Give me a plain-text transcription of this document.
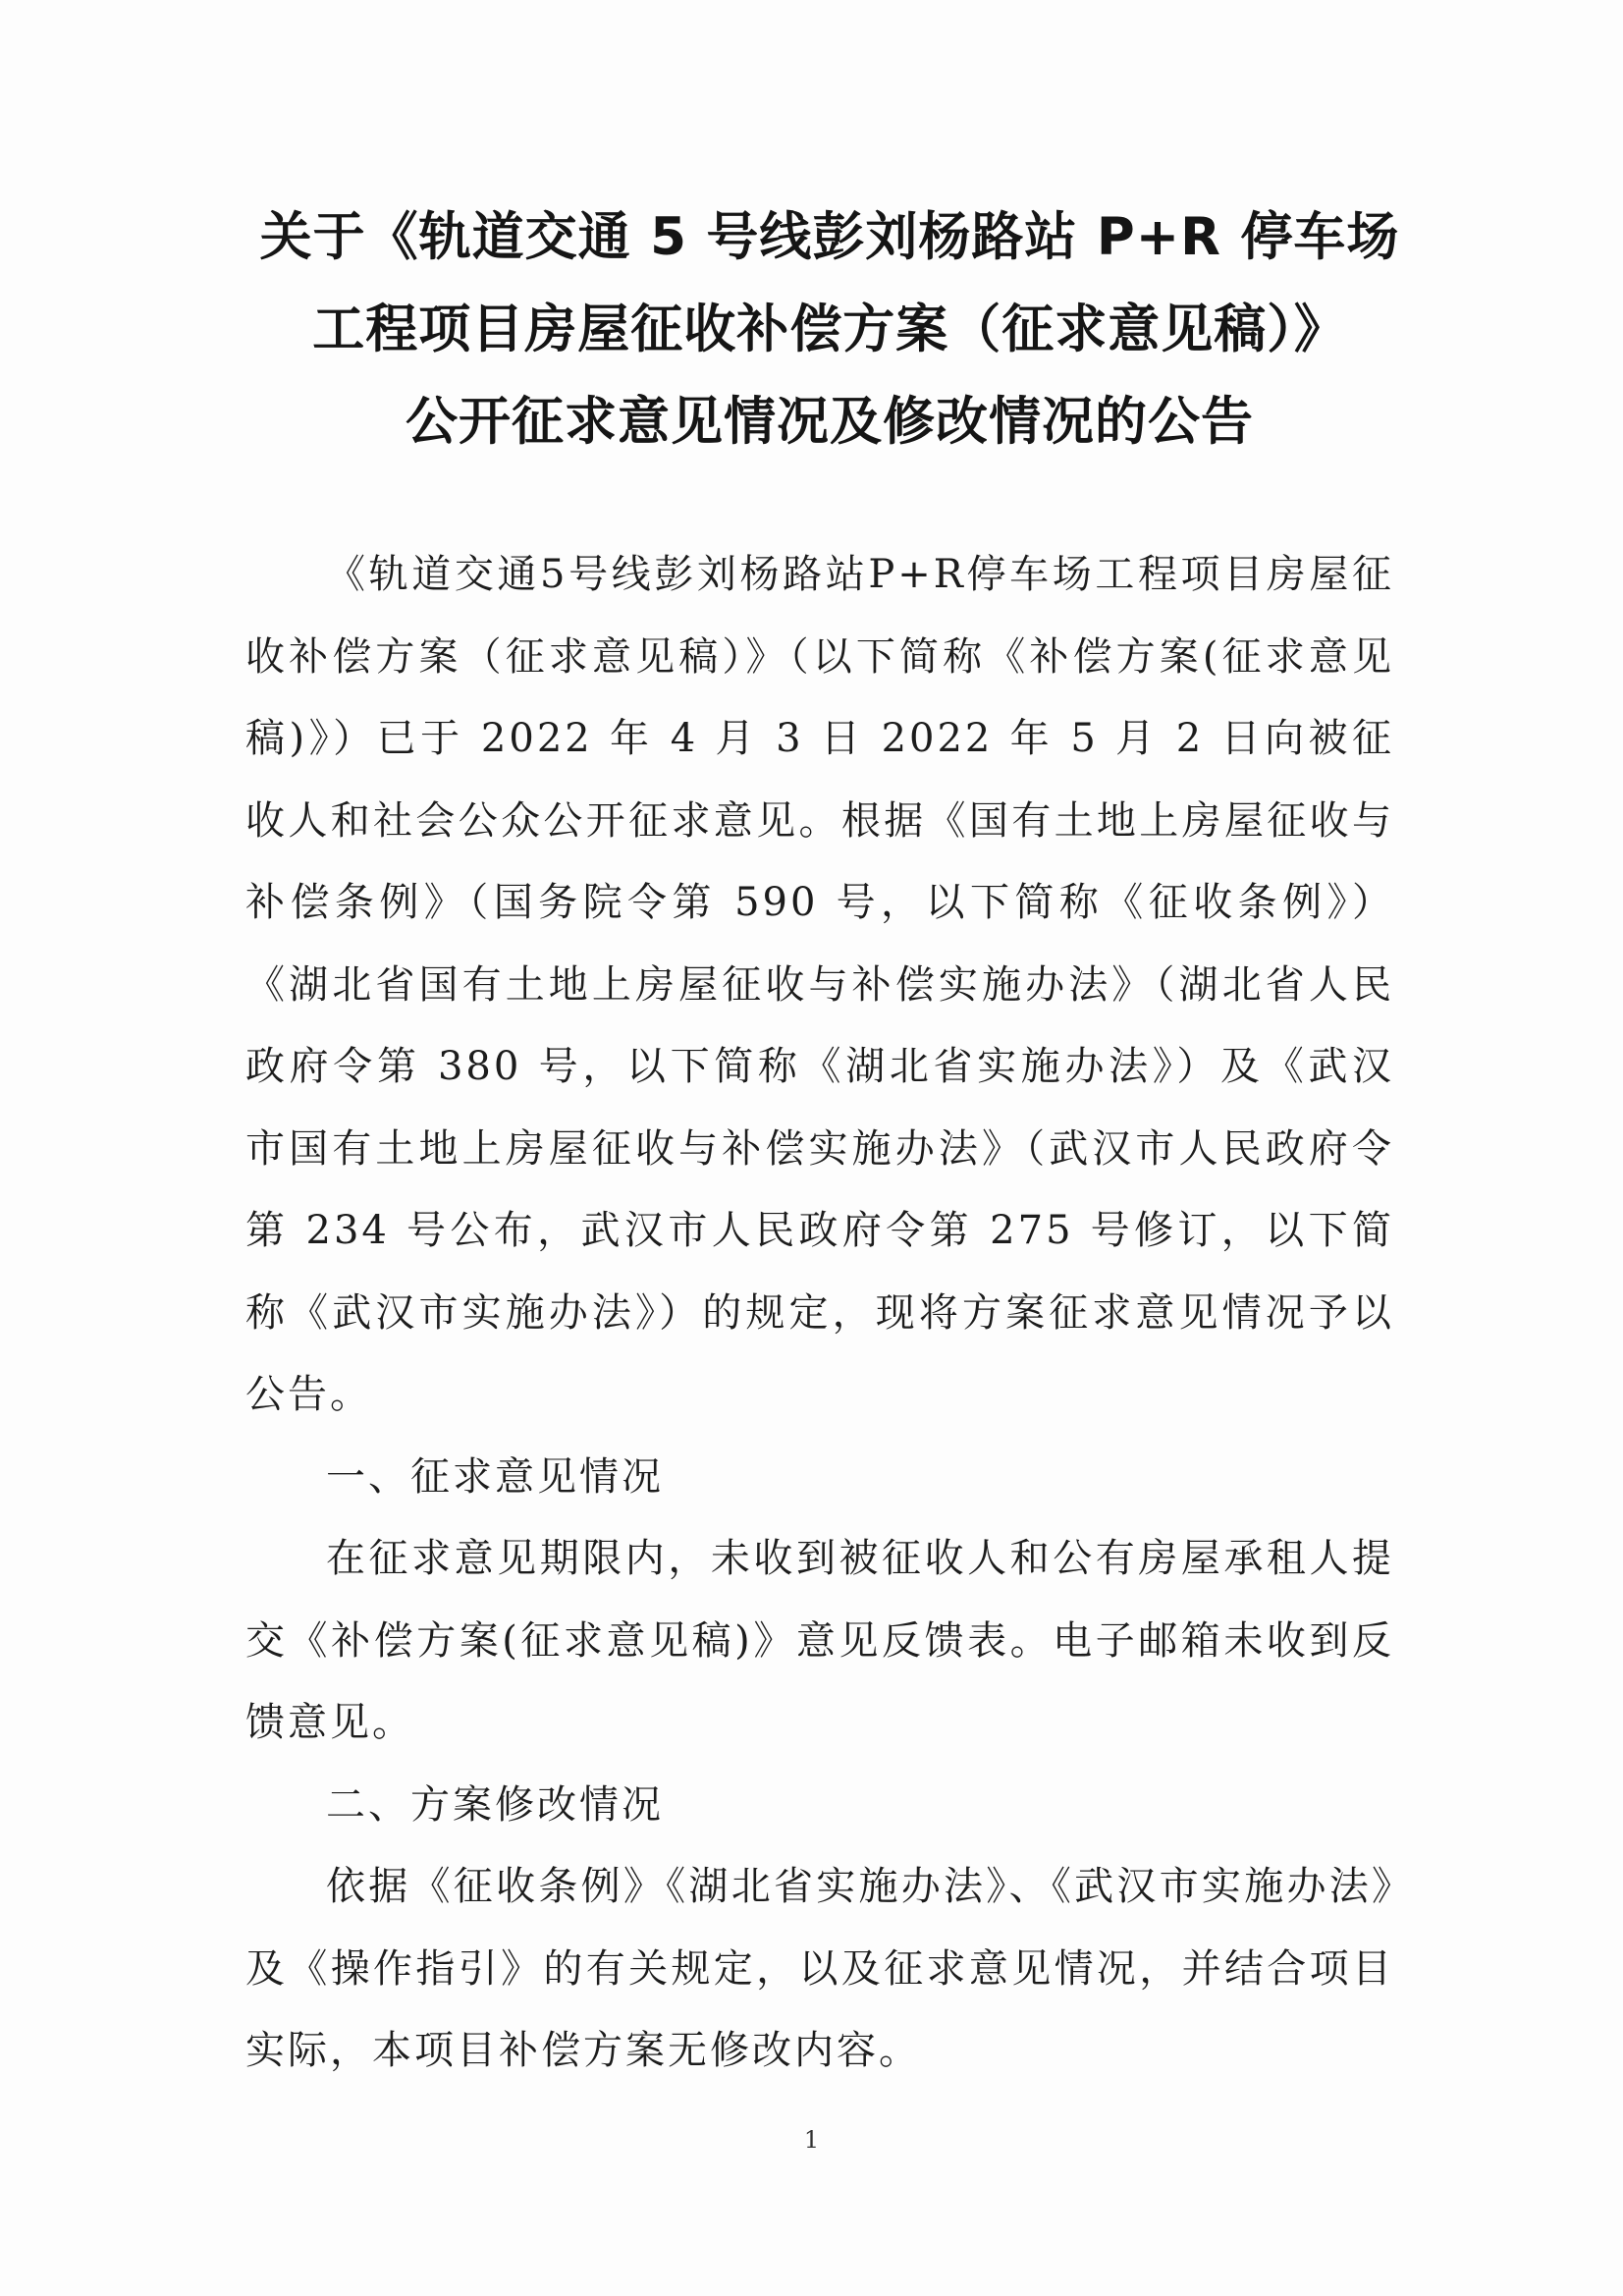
关于《轨道交通 5 号线彭刘杨路站 P+R 停车场
工程项目房屋征收补偿方案（征求意见稿）》
公开征求意见情况及修改情况的公告

《轨道交通5号线彭刘杨路站P+R停车场工程项目房屋征收补偿方案（征求意见稿）》（以下简称《补偿方案(征求意见稿)》）已于 2022 年 4 月 3 日 2022 年 5 月 2 日向被征收人和社会公众公开征求意见。根据《国有土地上房屋征收与补偿条例》（国务院令第 590 号，以下简称《征收条例》）《湖北省国有土地上房屋征收与补偿实施办法》（湖北省人民政府令第 380 号，以下简称《湖北省实施办法》）及《武汉市国有土地上房屋征收与补偿实施办法》（武汉市人民政府令第 234 号公布，武汉市人民政府令第 275 号修订，以下简称《武汉市实施办法》）的规定，现将方案征求意见情况予以公告。

一、征求意见情况

在征求意见期限内，未收到被征收人和公有房屋承租人提交《补偿方案(征求意见稿)》意见反馈表。电子邮箱未收到反馈意见。

二、方案修改情况

依据《征收条例》《湖北省实施办法》、《武汉市实施办法》及《操作指引》的有关规定，以及征求意见情况，并结合项目实际，本项目补偿方案无修改内容。

1
